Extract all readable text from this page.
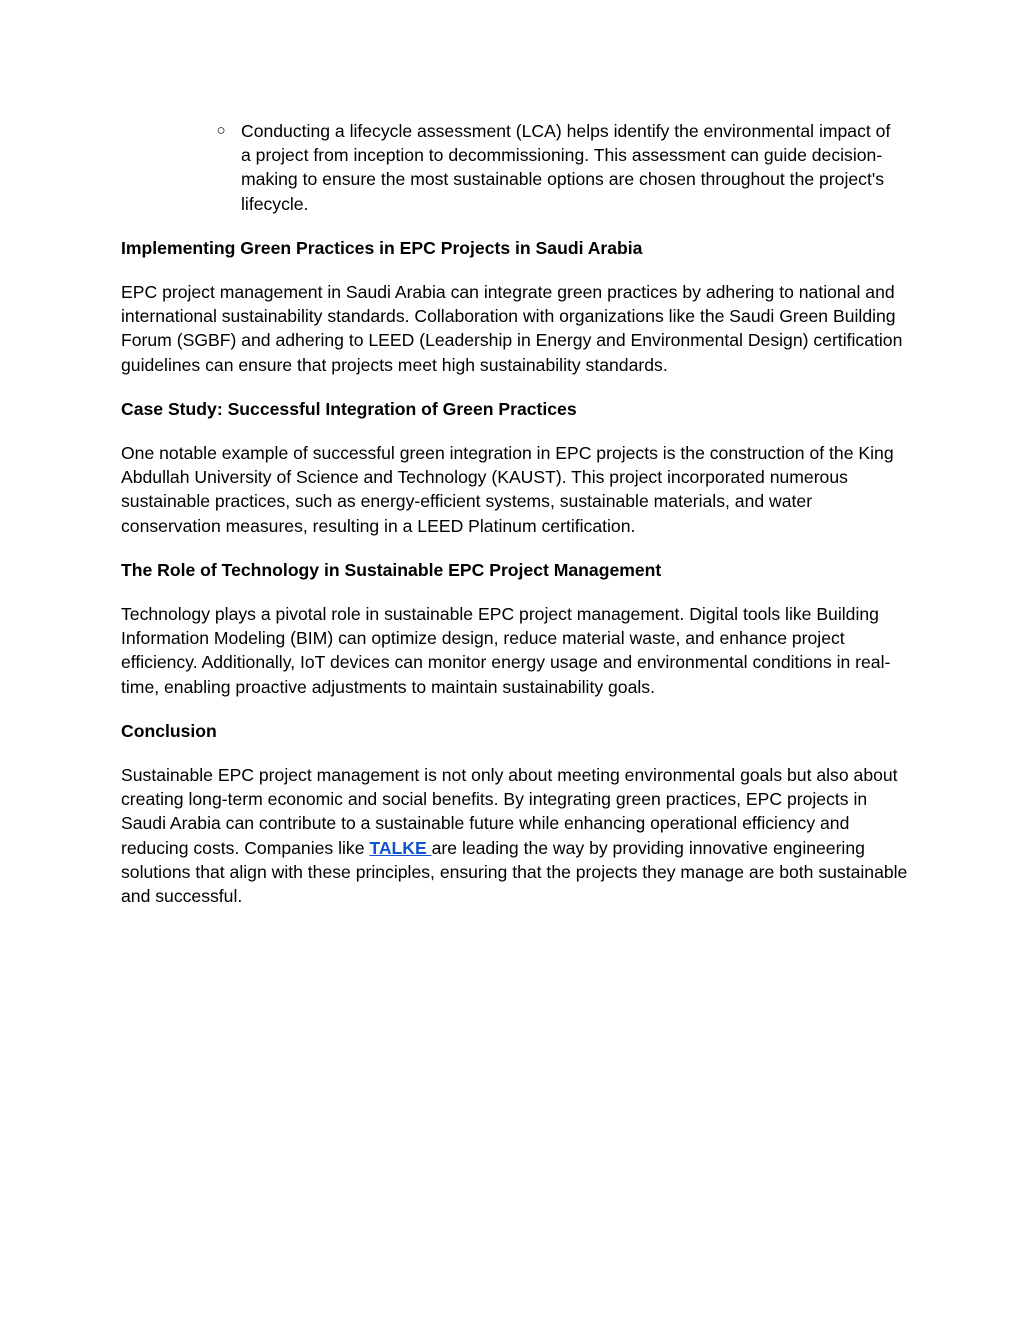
○ Conducting a lifecycle assessment (LCA) helps identify the environmental impact of a project from inception to decommissioning. This assessment can guide decision-making to ensure the most sustainable options are chosen throughout the project's lifecycle.
Implementing Green Practices in EPC Projects in Saudi Arabia
EPC project management in Saudi Arabia can integrate green practices by adhering to national and international sustainability standards. Collaboration with organizations like the Saudi Green Building Forum (SGBF) and adhering to LEED (Leadership in Energy and Environmental Design) certification guidelines can ensure that projects meet high sustainability standards.
Case Study: Successful Integration of Green Practices
One notable example of successful green integration in EPC projects is the construction of the King Abdullah University of Science and Technology (KAUST). This project incorporated numerous sustainable practices, such as energy-efficient systems, sustainable materials, and water conservation measures, resulting in a LEED Platinum certification.
The Role of Technology in Sustainable EPC Project Management
Technology plays a pivotal role in sustainable EPC project management. Digital tools like Building Information Modeling (BIM) can optimize design, reduce material waste, and enhance project efficiency. Additionally, IoT devices can monitor energy usage and environmental conditions in real-time, enabling proactive adjustments to maintain sustainability goals.
Conclusion
Sustainable EPC project management is not only about meeting environmental goals but also about creating long-term economic and social benefits. By integrating green practices, EPC projects in Saudi Arabia can contribute to a sustainable future while enhancing operational efficiency and reducing costs. Companies like TALKE are leading the way by providing innovative engineering solutions that align with these principles, ensuring that the projects they manage are both sustainable and successful.
